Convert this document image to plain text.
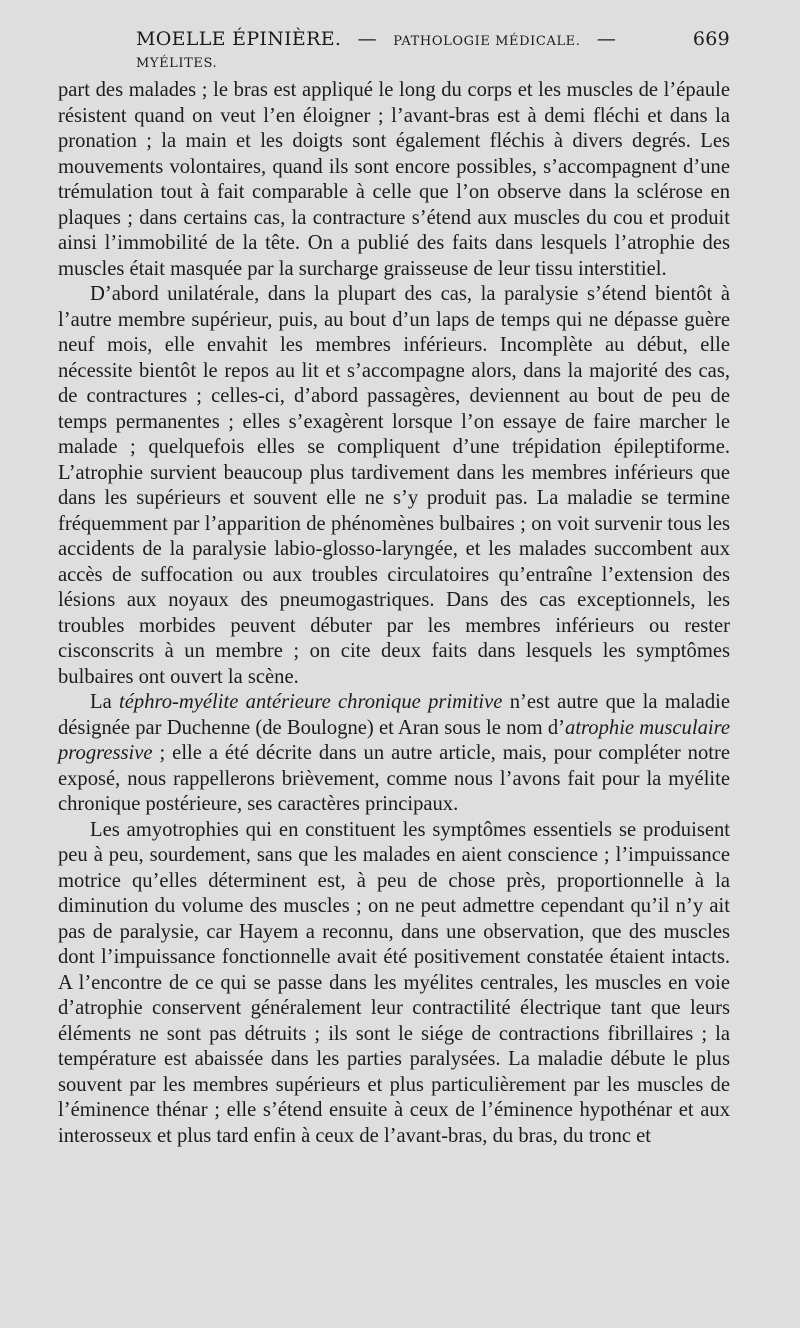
MOELLE ÉPINIÈRE. — PATHOLOGIE MÉDICALE. — MYÉLITES.
669

part des malades ; le bras est appliqué le long du corps et les muscles de l’épaule résistent quand on veut l’en éloigner ; l’avant-bras est à demi fléchi et dans la pronation ; la main et les doigts sont également fléchis à divers degrés. Les mouvements volontaires, quand ils sont encore possibles, s’accompagnent d’une trémulation tout à fait comparable à celle que l’on observe dans la sclérose en plaques ; dans certains cas, la contracture s’étend aux muscles du cou et produit ainsi l’immobilité de la tête. On a publié des faits dans lesquels l’atrophie des muscles était masquée par la surcharge graisseuse de leur tissu interstitiel.

D’abord unilatérale, dans la plupart des cas, la paralysie s’étend bientôt à l’autre membre supérieur, puis, au bout d’un laps de temps qui ne dépasse guère neuf mois, elle envahit les membres inférieurs. Incomplète au début, elle nécessite bientôt le repos au lit et s’accompagne alors, dans la majorité des cas, de contractures ; celles-ci, d’abord passagères, deviennent au bout de peu de temps permanentes ; elles s’exagèrent lorsque l’on essaye de faire marcher le malade ; quelquefois elles se compliquent d’une trépidation épileptiforme. L’atrophie survient beaucoup plus tardivement dans les membres inférieurs que dans les supérieurs et souvent elle ne s’y produit pas. La maladie se termine fréquemment par l’apparition de phénomènes bulbaires ; on voit survenir tous les accidents de la paralysie labio-glosso-laryngée, et les malades succombent aux accès de suffocation ou aux troubles circulatoires qu’entraîne l’extension des lésions aux noyaux des pneumogastriques. Dans des cas exceptionnels, les troubles morbides peuvent débuter par les membres inférieurs ou rester cisconscrits à un membre ; on cite deux faits dans lesquels les symptômes bulbaires ont ouvert la scène.

La téphro-myélite antérieure chronique primitive n’est autre que la maladie désignée par Duchenne (de Boulogne) et Aran sous le nom d’atrophie musculaire progressive ; elle a été décrite dans un autre article, mais, pour compléter notre exposé, nous rappellerons brièvement, comme nous l’avons fait pour la myélite chronique postérieure, ses caractères principaux.

Les amyotrophies qui en constituent les symptômes essentiels se produisent peu à peu, sourdement, sans que les malades en aient conscience ; l’impuissance motrice qu’elles déterminent est, à peu de chose près, proportionnelle à la diminution du volume des muscles ; on ne peut admettre cependant qu’il n’y ait pas de paralysie, car Hayem a reconnu, dans une observation, que des muscles dont l’impuissance fonctionnelle avait été positivement constatée étaient intacts. A l’encontre de ce qui se passe dans les myélites centrales, les muscles en voie d’atrophie conservent généralement leur contractilité électrique tant que leurs éléments ne sont pas détruits ; ils sont le siége de contractions fibrillaires ; la température est abaissée dans les parties paralysées. La maladie débute le plus souvent par les membres supérieurs et plus particulièrement par les muscles de l’éminence thénar ; elle s’étend ensuite à ceux de l’éminence hypothénar et aux interosseux et plus tard enfin à ceux de l’avant-bras, du bras, du tronc et
